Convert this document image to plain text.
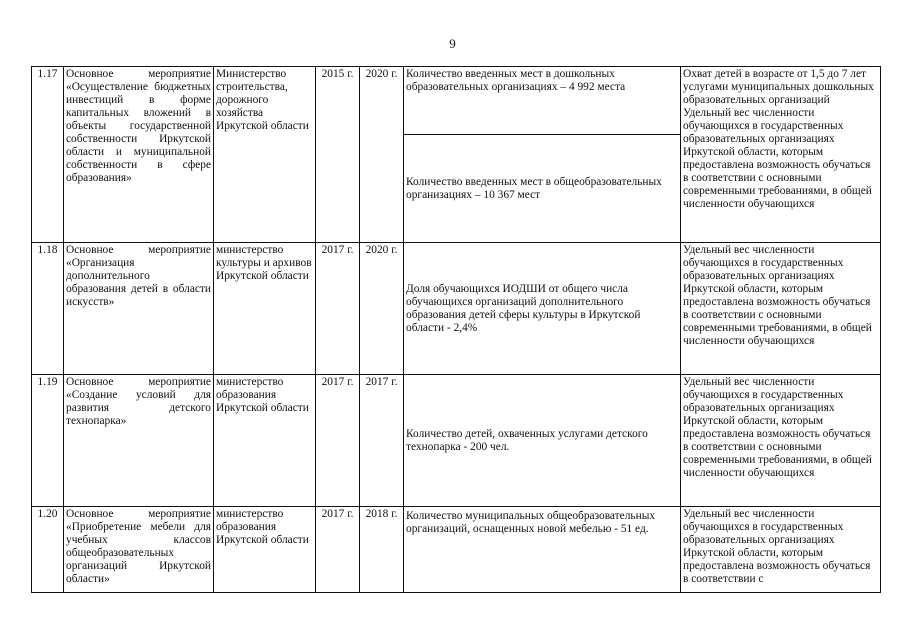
9
1.17	Основное мероприятие «Осуществление бюджетных инвестиций в форме капитальных вложений в объекты государственной собственности Иркутской области и муниципальной собственности в сфере образования»	Министерство строительства, дорожного хозяйства Иркутской области	2015 г.	2020 г.	Количество введенных мест в дошкольных образовательных организациях – 4 992 места	Охват детей в возрасте от 1,5 до 7 лет услугами муниципальных дошкольных образовательных организаций Удельный вес численности обучающихся в государственных образовательных организациях Иркутской области, которым предоставлена возможность обучаться в соответствии с основными современными требованиями, в общей численности обучающихся
					Количество введенных мест в общеобразовательных организациях – 10 367 мест	
1.18	Основное мероприятие «Организация дополнительного образования детей в области искусств»	министерство культуры и архивов Иркутской области	2017 г.	2020 г.	Доля обучающихся ИОДШИ от общего числа обучающихся организаций дополнительного образования детей сферы культуры в Иркутской области - 2,4%	Удельный вес численности обучающихся в государственных образовательных организациях Иркутской области, которым предоставлена возможность обучаться в соответствии с основными современными требованиями, в общей численности обучающихся
1.19	Основное мероприятие «Создание условий для развития детского технопарка»	министерство образования Иркутской области	2017 г.	2017 г.	Количество детей, охваченных услугами детского технопарка - 200 чел.	Удельный вес численности обучающихся в государственных образовательных организациях Иркутской области, которым предоставлена возможность обучаться в соответствии с основными современными требованиями, в общей численности обучающихся
1.20	Основное мероприятие «Приобретение мебели для учебных классов общеобразовательных организаций Иркутской области»	министерство образования Иркутской области	2017 г.	2018 г.	Количество муниципальных общеобразовательных организаций, оснащенных новой мебелью - 51 ед.	Удельный вес численности обучающихся в государственных образовательных организациях Иркутской области, которым предоставлена возможность обучаться в соответствии с
